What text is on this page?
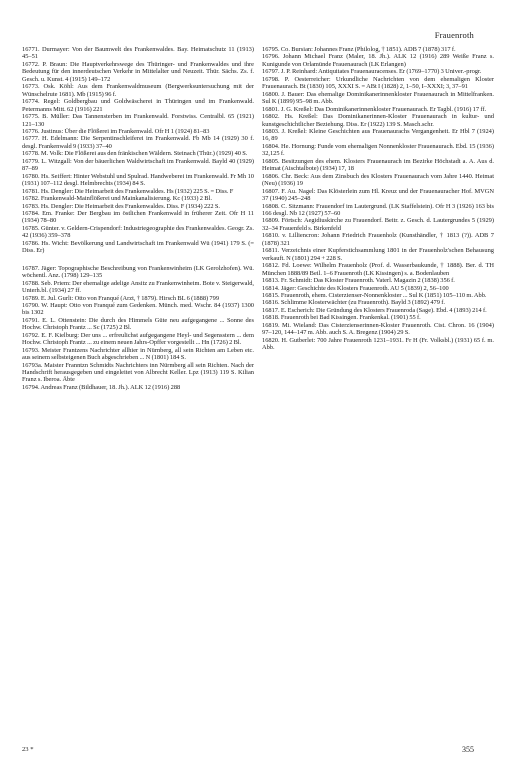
Frauenroth

16771. Durmayer: Von der Baumwelt des Frankenwaldes. Bay. Heimatschutz 11 (1913) 45–51

16772. P. Braun: Die Hauptverkehrswege des Thüringer- und Frankenwaldes und ihre Bedeutung für den innerdeutschen Verkehr in Mittelalter und Neuzeit. Thür. Sächs. Zs. f. Gesch. u. Kunst. 4 (1915) 149–172

16773. Osk. Köhl: Aus dem Frankenwaldmuseum (Bergwerksuntersuchung mit der Wünschelrute 1681). Mb (1915) 96 f.

16774. Regel: Goldbergbau und Goldwäscherei in Thüringen und im Frankenwald. Petermanns Mitt. 62 (1916) 221

16775. B. Müller: Das Tannensterben im Frankenwald. Forstwiss. Centralbl. 65 (1921) 121–130

16776. Justinus: Über die Flößerei im Frankenwald. Ofr H 1 (1924) 81–83

16777. H. Edelmann: Die Serpentinschleiferei im Frankenwald. Fb Mb 14 (1929) 30 f. desgl. Frankenwald 9 (1933) 37–40

16778. M. Volk: Die Flößerei aus den fränkischen Wäldern. Steinach (Thür.) (1929) 40 S.

16779. L. Witzgall: Von der bäuerlichen Waldwirtschaft im Frankenwald. Bayld 40 (1929) 87–89

16780. Hs. Seiffert: Hinter Webstuhl und Spulrad. Handweberei im Frankenwald. Fr Mh 10 (1931) 107–112 desgl. Helmbrechts (1934) 84 S.

16781. Hs. Dengler: Die Heimarbeit des Frankenwaldes. Hs (1932) 225 S. = Diss. F

16782. Frankenwald-Mainflößerei und Mainkanalisierung. Kc (1933) 2 Bl.

16783. Hs. Dengler: Die Heimarbeit des Frankenwaldes. Diss. F (1934) 222 S.

16784. Em. Franke: Der Bergbau im östlichen Frankenwald in früherer Zeit. Ofr H 11 (1934) 78–80

16785. Günter. v. Geldern-Crispendorf: Industriegeographie des Frankenwaldes. Geogr. Zs. 42 (1936) 359–378

16786. Hs. Wicht: Bevölkerung und Landwirtschaft im Frankenwald Wü (1941) 179 S. (= Diss. Er)

16787. Jäger: Topographische Beschreibung von Frankenwinheim (LK Gerolzhofen). Wü. wöchentl. Anz. (1798) 129–135

16788. Seb. Priem: Der ehemalige adelige Ansitz zu Frankenwinheim. Bote v. Steigerwald, Unterh.bl. (1934) 27 ff.

16789. E. Jul. Gurlt: Otto von Franqué (Arzt, † 1879). Hirsch BL 6 (1888) 799

16790. W. Haupt: Otto von Franqué zum Gedenken. Münch. med. Wschr. 84 (1937) 1300 bis 1302

16791. E. L. Ottenstein: Die durch des Himmels Güte neu aufgegangene ... Sonne des Hochw. Christoph Frantz ... Sc (1725) 2 Bl.

16792. E. F. Kielburg: Der uns ... erfreulichst aufgegangene Heyl- und Segensstern ... dem Hochw. Christoph Frantz ... zu einem neuen Jahrs-Opffer vorgestellt ... Hn (1726) 2 Bl.

16793. Meister Frantzens Nachrichter allhier in Nürnberg, all sein Richten am Leben etc. aus seinem selbsteigenen Buch abgeschrieben ... N (1801) 184 S.

16793a. Maister Franntzn Schmidts Nachrichters inn Nürmberg all sein Richten. Nach der Handschrift herausgegeben und eingeleitet von Albrecht Keller. Lpz (1913) 119 S. Kilian Franz s. Iberoa. Äbte

16794. Andreas Franz (Bildhauer, 18. Jh.). ALK 12 (1916) 288

16795. Co. Bursian: Johannes Franz (Philolog, † 1851). ADB 7 (1878) 317 f.

16796. Johann Michael Franz (Maler, 18. Jh.). ALK 12 (1916) 289 Weiße Franz s. Kunigunde von Orlamünde Frauenaurach (LK Erlangen)

16797. J. P. Reinhard: Antiquitates Frauenauracenses. Er (1769–1770) 3 Univer.-progr.

16798. P. Oesterreicher: Urkundliche Nachrichten von dem ehemaligen Kloster Frauenaurach. Bt (1830) 105, XXXI S. = ABt I (1828) 2, 1–50, I–XXXI; 3, 37–91

16800. J. Bauer: Das ehemalige Dominikanerinnenkloster Frauenaurach in Mittelfranken. Sul K (1899) 95–98 m. Abb.

16801. J. G. Kreßel: Das Dominikanerinnenkloster Frauenaurach. Er Tagbl. (1916) 17 ff.

16802. Hs. Kreßel: Das Dominikanerinnen-Kloster Frauenaurach in kultur- und kunstgeschichtlicher Beziehung. Diss. Er (1922) 139 S. Masch.schr.

16803. J. Kreßel: Kleine Geschichten aus Frauenaurachs Vergangenheit. Er Hbl 7 (1924) 16, 89

16804. He. Hornung: Funde vom ehemaligen Nonnenkloster Frauenaurach. Ebd. 15 (1936) 32,125 f.

16805. Besitzungen des ehem. Klosters Frauenaurach im Bezirke Höchstadt a. A. Aus d. Heimat (Aischtalbote) (1934) 17, 18

16806. Chr. Beck: Aus dem Zinsbuch des Klosters Frauenaurach vom Jahre 1440. Heimat (Neu) (1936) 19

16807. F. Au. Nagel: Das Klösterlein zum Hl. Kreuz und der Frauenauracher Hof. MVGN 37 (1940) 245–248

16808. C. Sitzmann: Frauendorf im Lautergrund. (LK Staffelstein). Ofr H 3 (1926) 163 bis 166 desgl. Nb 12 (1927) 57–60

16809. Förtsch: Aegidiuskirche zu Frauendorf. Beitr. z. Gesch. d. Lautergrundes 5 (1929) 32–34 Frauenfeld s. Birkenfeld

16810. v. Lilliencron: Johann Friedrich Frauenholz (Kunsthändler, † 1813 (?)). ADB 7 (1878) 321

16811. Verzeichnis einer Kupferstichsammlung 1801 in der Frauenholz'schen Behausung verkauft. N (1801) 294 + 228 S.

16812. Fd. Loewe: Wilhelm Frauenholz (Prof. d. Wasserbaukunde, † 1888). Ber. d. TH München 1888/89 Beil. 1–6 Frauenroth (LK Kissingen) s. a. Bodenlauben

16813. Fr. Schmidt: Das Kloster Frauenroth. Vaterl. Magazin 2 (1838) 356 f.

16814. Jäger: Geschichte des Klosters Frauenroth. AU 5 (1839) 2, 56–100

16815. Frauenroth, ehem. Cisterzienser-Nonnenkloster ... Sul K (1851) 105–110 m. Abb.

16816. Schlimme Klosterwächter (zu Frauenroth). Bayld 3 (1892) 479 f.

16817. E. Escherich: Die Gründung des Klosters Frauenroda (Sage). Ebd. 4 (1893) 214 f.

16818. Frauenroth bei Bad Kissingen. Frankenkal. (1901) 55 f.

16819. Mi. Wieland: Das Cisterzienserinnen-Kloster Frauenroth. Cist. Chron. 16 (1904) 97–120, 144–147 m. Abb. auch S. A. Bregenz (1904) 29 S.

16820. H. Gutberlet: 700 Jahre Frauenroth 1231–1931. Fr H (Fr. Volksbl.) (1931) 65 f. m. Abb.

23 *	355
